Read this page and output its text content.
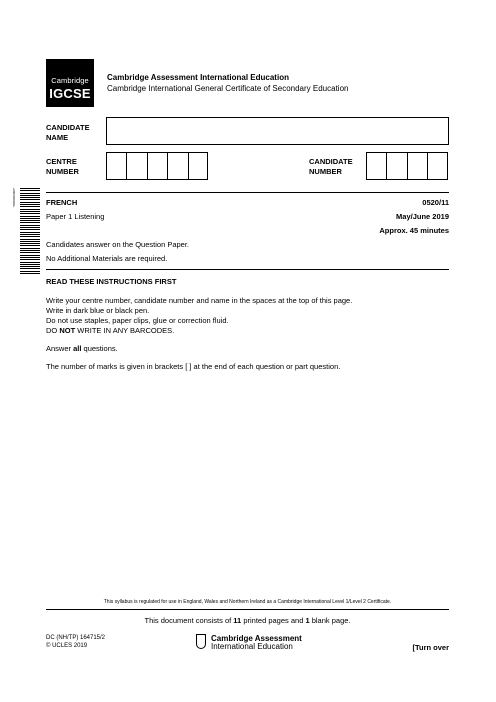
Cambridge
IGCSE
Cambridge Assessment International Education
Cambridge International General Certificate of Secondary Education
CANDIDATE
NAME
CENTRE
NUMBER
CANDIDATE
NUMBER
*0000000000*	FRENCH	0520/11
Paper 1 Listening	May/June 2019
Approx. 45 minutes
Candidates answer on the Question Paper.
No Additional Materials are required.
READ THESE INSTRUCTIONS FIRST

Write your centre number, candidate number and name in the spaces at the top of this page.

Write in dark blue or black pen.

Do not use staples, paper clips, glue or correction fluid.

DO NOT WRITE IN ANY BARCODES.

Answer all questions.

The number of marks is given in brackets [ ] at the end of each question or part question.

This syllabus is regulated for use in England, Wales and Northern Ireland as a Cambridge International Level 1/Level 2 Certificate.
This document consists of 11 printed pages and 1 blank page.
DC (NH/TP) 164715/2
© UCLES 2019
Cambridge Assessment
International Education	[Turn over
